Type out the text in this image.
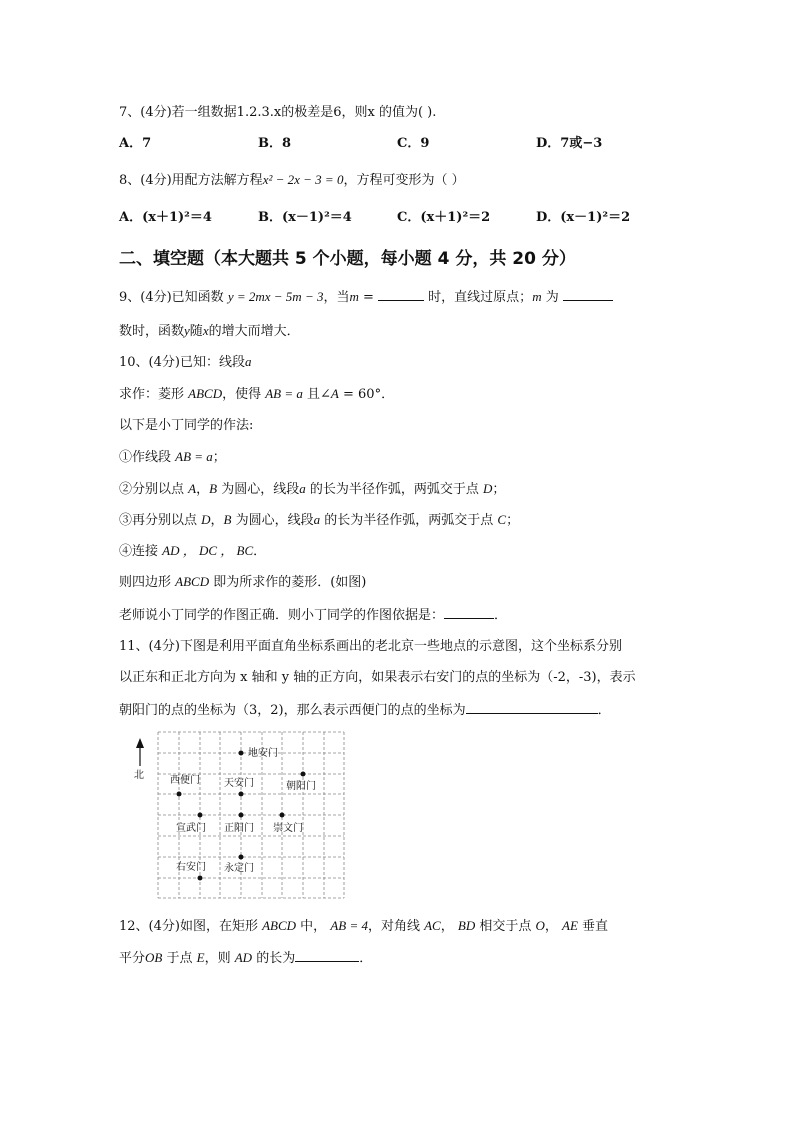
7、(4分)若一组数据1.2.3.x的极差是6，则x 的值为( ).
A．7	B．8	C．9	D．7或−3
8、(4分)用配方法解方程x² − 2x − 3 = 0，方程可变形为（ ）
A．(x＋1)²＝4	B．(x－1)²＝4	C．(x＋1)²＝2	D．(x－1)²＝2
二、填空题（本大题共 5 个小题，每小题 4 分，共 20 分）
9、(4分)已知函数 y = 2mx − 5m − 3，当m =	时，直线过原点；m 为
数时，函数y随x的增大而增大．
10、(4分)已知：线段a
求作：菱形 ABCD，使得 AB = a 且∠A = 60°．
以下是小丁同学的作法:
①作线段 AB = a；
②分别以点 A，B 为圆心，线段a 的长为半径作弧，两弧交于点 D；
③再分别以点 D，B 为圆心，线段a 的长为半径作弧，两弧交于点 C；
④连接 AD ， DC ， BC．
则四边形 ABCD 即为所求作的菱形．(如图)
老师说小丁同学的作图正确．则小丁同学的作图依据是：	．
11、(4分)下图是利用平面直角坐标系画出的老北京一些地点的示意图，这个坐标系分别
以正东和正北方向为 x 轴和 y 轴的正方向，如果表示右安门的点的坐标为（-2，-3)，表示
朝阳门的点的坐标为（3，2)，那么表示西便门的点的坐标为	．
北
地安门
西便门 天安门	朝阳门
宣武门 正阳门 崇文门
右安门 永定门
12、(4分)如图，在矩形 ABCD 中， AB = 4，对角线 AC， BD 相交于点 O， AE 垂直
平分OB 于点 E，则 AD 的长为	．
